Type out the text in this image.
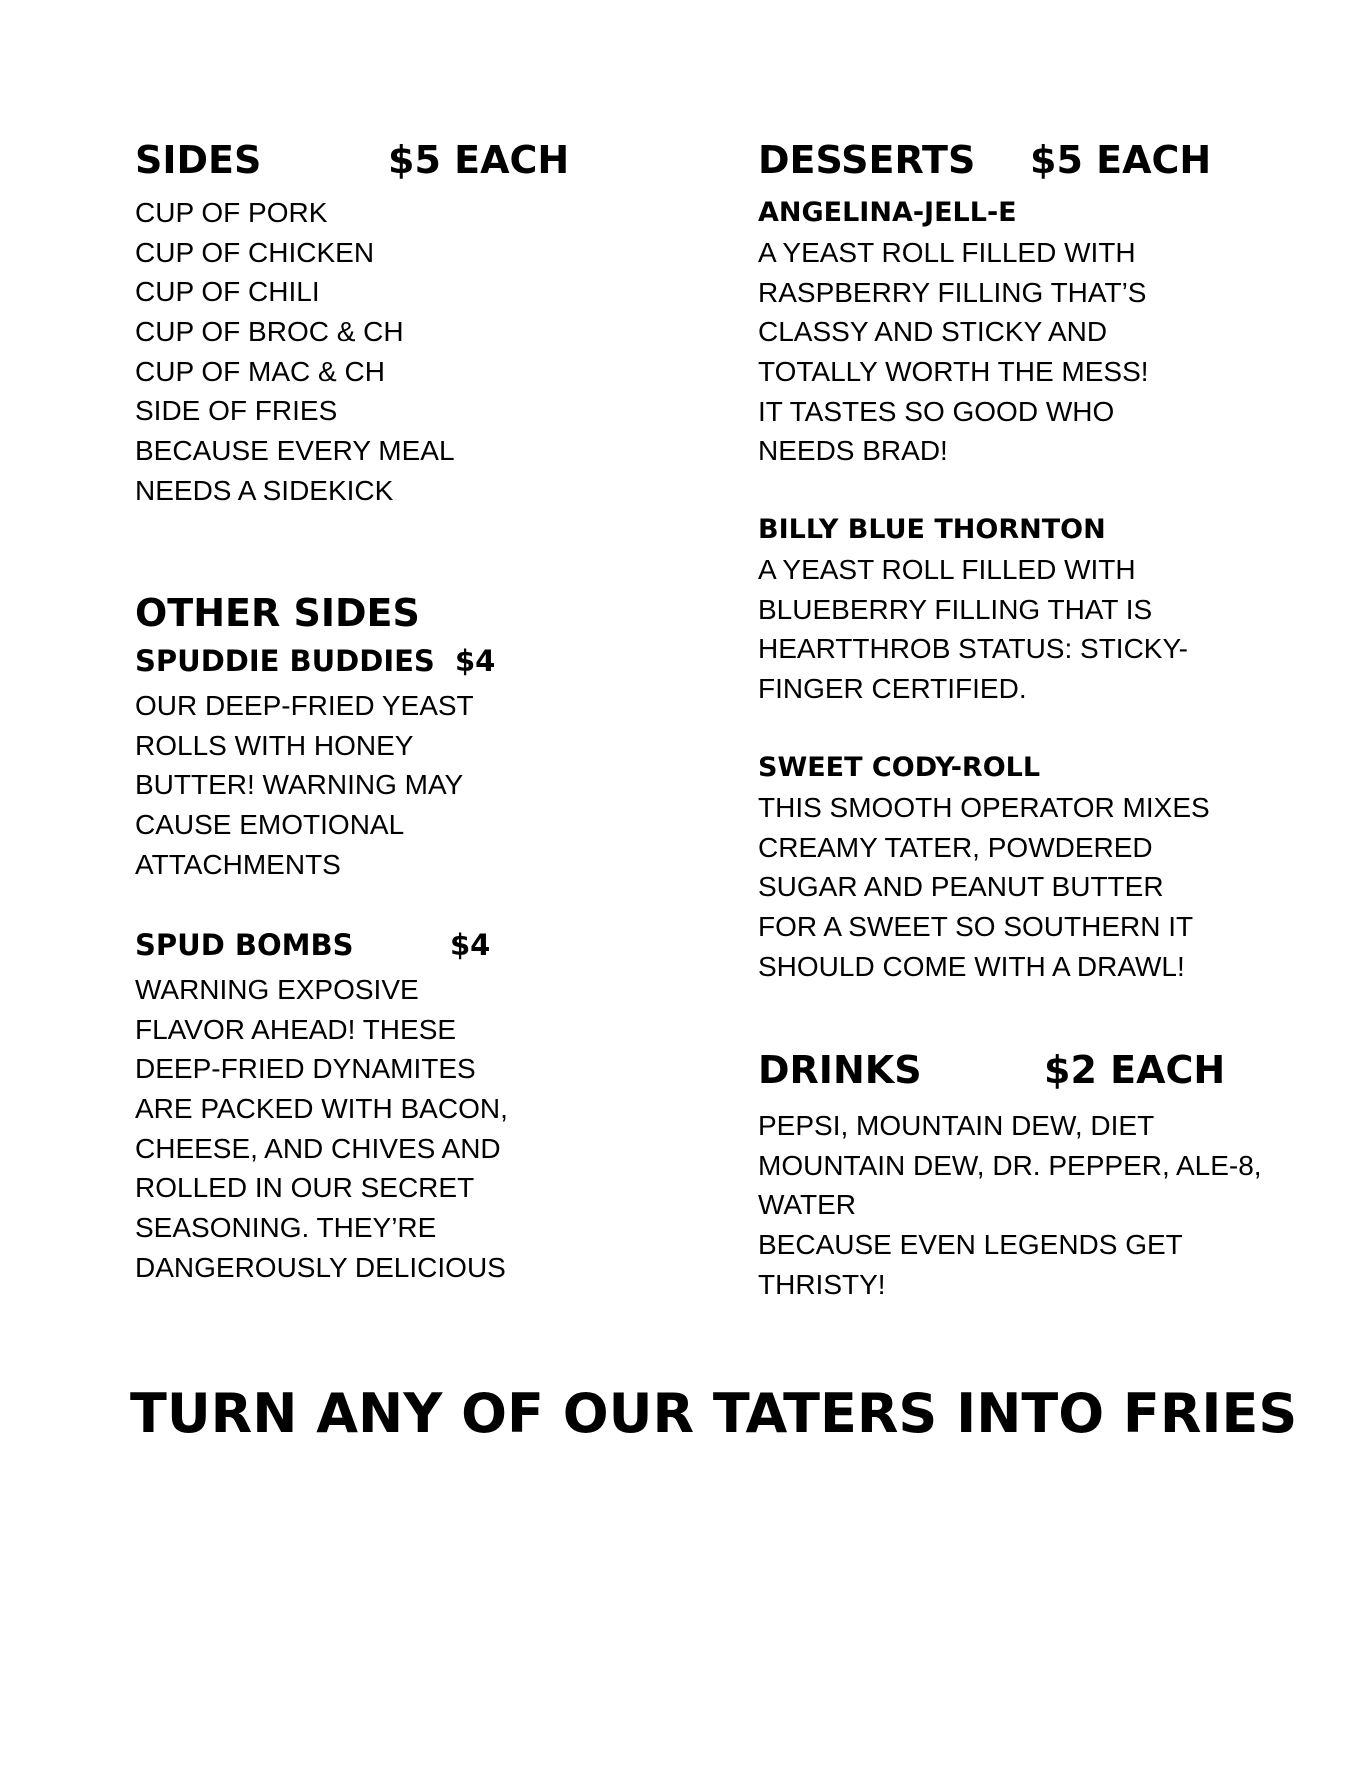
SIDES	$5 EACH
CUP OF PORK
CUP OF CHICKEN
CUP OF CHILI
CUP OF BROC & CH
CUP OF MAC & CH
SIDE OF FRIES
BECAUSE EVERY MEAL
NEEDS A SIDEKICK
OTHER SIDES
SPUDDIE BUDDIES $4
OUR DEEP-FRIED YEAST
ROLLS WITH HONEY
BUTTER! WARNING MAY
CAUSE EMOTIONAL
ATTACHMENTS
SPUD BOMBS	$4
WARNING EXPOSIVE
FLAVOR AHEAD! THESE
DEEP-FRIED DYNAMITES
ARE PACKED WITH BACON,
CHEESE, AND CHIVES AND
ROLLED IN OUR SECRET
SEASONING. THEY’RE
DANGEROUSLY DELICIOUS
DESSERTS $5 EACH
ANGELINA-JELL-E
A YEAST ROLL FILLED WITH
RASPBERRY FILLING THAT’S
CLASSY AND STICKY AND
TOTALLY WORTH THE MESS!
IT TASTES SO GOOD WHO
NEEDS BRAD!
BILLY BLUE THORNTON
A YEAST ROLL FILLED WITH
BLUEBERRY FILLING THAT IS
HEARTTHROB STATUS: STICKY-
FINGER CERTIFIED.
SWEET CODY-ROLL
THIS SMOOTH OPERATOR MIXES
CREAMY TATER, POWDERED
SUGAR AND PEANUT BUTTER
FOR A SWEET SO SOUTHERN IT
SHOULD COME WITH A DRAWL!
DRINKS	$2 EACH
PEPSI, MOUNTAIN DEW, DIET
MOUNTAIN DEW, DR. PEPPER, ALE-8,
WATER
BECAUSE EVEN LEGENDS GET
THRISTY!
TURN ANY OF OUR TATERS INTO FRIES
